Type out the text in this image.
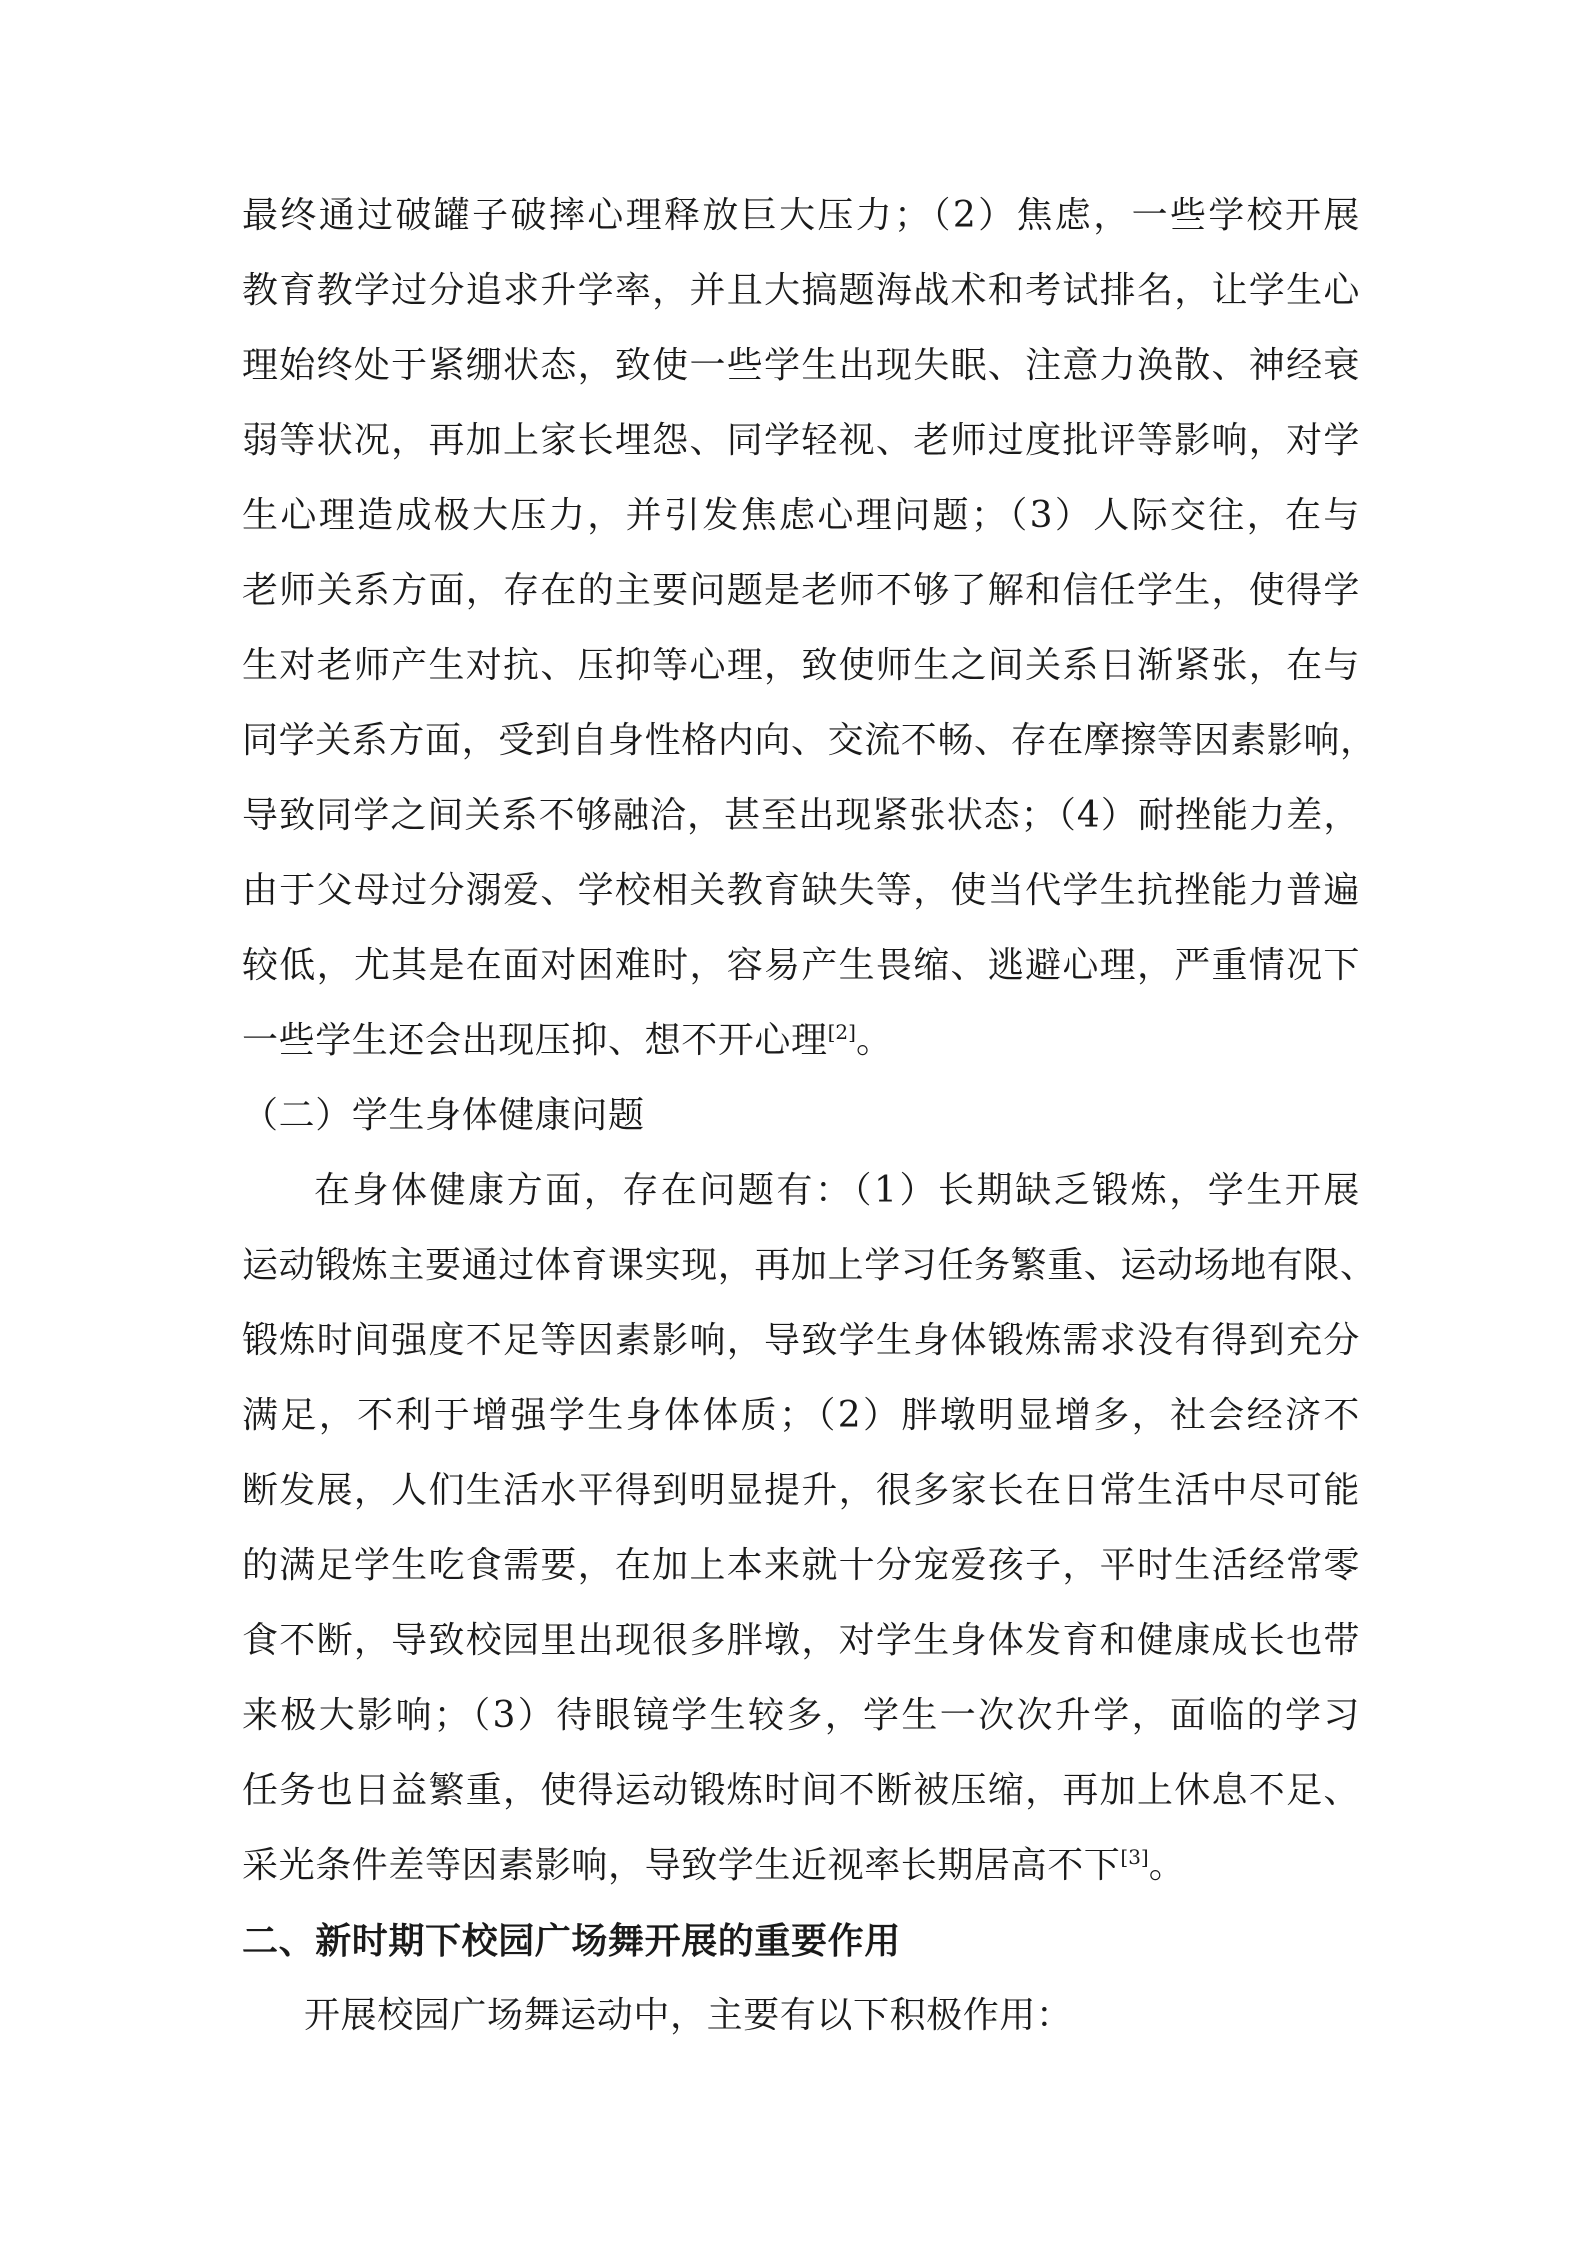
最终通过破罐子破摔心理释放巨大压力；（2）焦虑，一些学校开展
教育教学过分追求升学率，并且大搞题海战术和考试排名，让学生心
理始终处于紧绷状态，致使一些学生出现失眠、注意力涣散、神经衰
弱等状况，再加上家长埋怨、同学轻视、老师过度批评等影响，对学
生心理造成极大压力，并引发焦虑心理问题；（3）人际交往，在与
老师关系方面，存在的主要问题是老师不够了解和信任学生，使得学
生对老师产生对抗、压抑等心理，致使师生之间关系日渐紧张，在与
同学关系方面，受到自身性格内向、交流不畅、存在摩擦等因素影响，
导致同学之间关系不够融洽，甚至出现紧张状态；（4）耐挫能力差，
由于父母过分溺爱、学校相关教育缺失等，使当代学生抗挫能力普遍
较低，尤其是在面对困难时，容易产生畏缩、逃避心理，严重情况下
一些学生还会出现压抑、想不开心理[2]。
（二）学生身体健康问题
在身体健康方面，存在问题有：（1）长期缺乏锻炼，学生开展
运动锻炼主要通过体育课实现，再加上学习任务繁重、运动场地有限、
锻炼时间强度不足等因素影响，导致学生身体锻炼需求没有得到充分
满足，不利于增强学生身体体质；（2）胖墩明显增多，社会经济不
断发展，人们生活水平得到明显提升，很多家长在日常生活中尽可能
的满足学生吃食需要，在加上本来就十分宠爱孩子，平时生活经常零
食不断，导致校园里出现很多胖墩，对学生身体发育和健康成长也带
来极大影响；（3）待眼镜学生较多，学生一次次升学，面临的学习
任务也日益繁重，使得运动锻炼时间不断被压缩，再加上休息不足、
采光条件差等因素影响，导致学生近视率长期居高不下[3]。
二、新时期下校园广场舞开展的重要作用
开展校园广场舞运动中，主要有以下积极作用：
